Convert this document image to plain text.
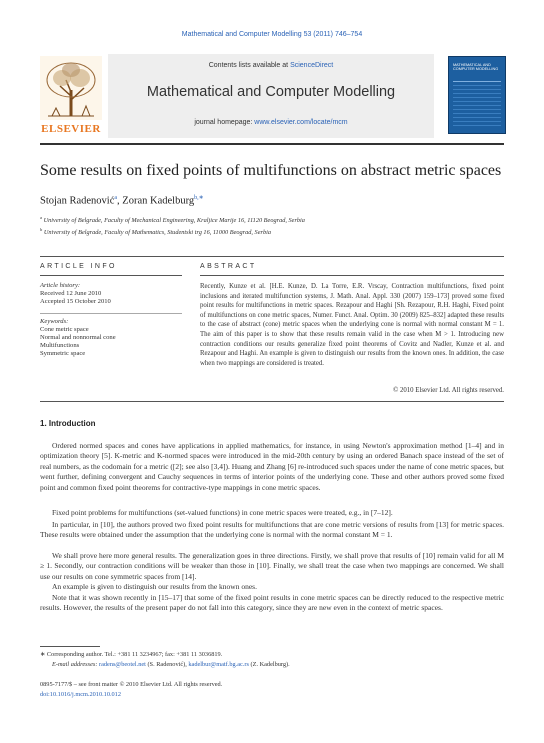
Mathematical and Computer Modelling 53 (2011) 746–754
Contents lists available at ScienceDirect
Mathematical and Computer Modelling
journal homepage: www.elsevier.com/locate/mcm
ELSEVIER
MATHEMATICAL AND COMPUTER MODELLING
Some results on fixed points of multifunctions on abstract metric spaces
Stojan Radenović$^a$, Zoran Kadelburg$^{b,∗}$
$^a$ University of Belgrade, Faculty of Mechanical Engineering, Kraljice Marije 16, 11120 Beograd, Serbia
$^b$ University of Belgrade, Faculty of Mathematics, Studentski trg 16, 11000 Beograd, Serbia
ARTICLE INFO	ABSTRACT
Article history:
Received 12 June 2010
Accepted 15 October 2010
Keywords:
Cone metric space
Normal and nonnormal cone
Multifunctions
Symmetric space
Recently, Kunze et al. [H.E. Kunze, D. La Torre, E.R. Vrscay, Contraction multifunctions, fixed point inclusions and iterated multifunction systems, J. Math. Anal. Appl. 330 (2007) 159–173] proved some fixed point results for multifunctions in metric spaces. Rezapour and Haghi [Sh. Rezapour, R.H. Haghi, Fixed point of multifunctions on cone metric spaces, Numer. Funct. Anal. Optim. 30 (2009) 825–832] adapted these results to the case of abstract (cone) metric spaces when the underlying cone is normal with normal constant M = 1. The aim of this paper is to show that these results remain valid in the case when M > 1. Introducing new contraction conditions our results generalize fixed point theorems of Covitz and Nadler, Kunze et al. and Rezapour and Haghi. An example is given to distinguish our results from the known ones. In addition, the case when two mappings are considered is treated.
© 2010 Elsevier Ltd. All rights reserved.
1. Introduction
Ordered normed spaces and cones have applications in applied mathematics, for instance, in using Newton's approximation method [1–4] and in optimization theory [5]. K-metric and K-normed spaces were introduced in the mid-20th century by using an ordered Banach space instead of the set of real numbers, as the codomain for a metric ([2]; see also [3,4]). Huang and Zhang [6] re-introduced such spaces under the name of cone metric spaces, but went further, defining convergent and Cauchy sequences in terms of interior points of the underlying cone. These and other authors proved some fixed point and common fixed point theorems for contractive-type mappings in cone metric spaces.
Fixed point problems for multifunctions (set-valued functions) in cone metric spaces were treated, e.g., in [7–12].
In particular, in [10], the authors proved two fixed point results for multifunctions that are cone metric versions of results from [13] for metric spaces. These results were obtained under the assumption that the underlying cone is normal with the normal constant M = 1.
We shall prove here more general results. The generalization goes in three directions. Firstly, we shall prove that results of [10] remain valid for all M ≥ 1. Secondly, our contraction conditions will be weaker than those in [10]. Finally, we shall treat the case when two mappings are concerned. We shall use our results on cone symmetric spaces from [14].
An example is given to distinguish our results from the known ones.
Note that it was shown recently in [15–17] that some of the fixed point results in cone metric spaces can be directly reduced to the respective metric results. However, the results of the present paper do not fall into this category, since they are new even in the context of metric spaces.
∗ Corresponding author. Tel.: +381 11 3234967; fax: +381 11 3036819.
E-mail addresses: radens@beotel.net (S. Radenović), kadelbur@matf.bg.ac.rs (Z. Kadelburg).
0895-7177/$ – see front matter © 2010 Elsevier Ltd. All rights reserved.
doi:10.1016/j.mcm.2010.10.012
